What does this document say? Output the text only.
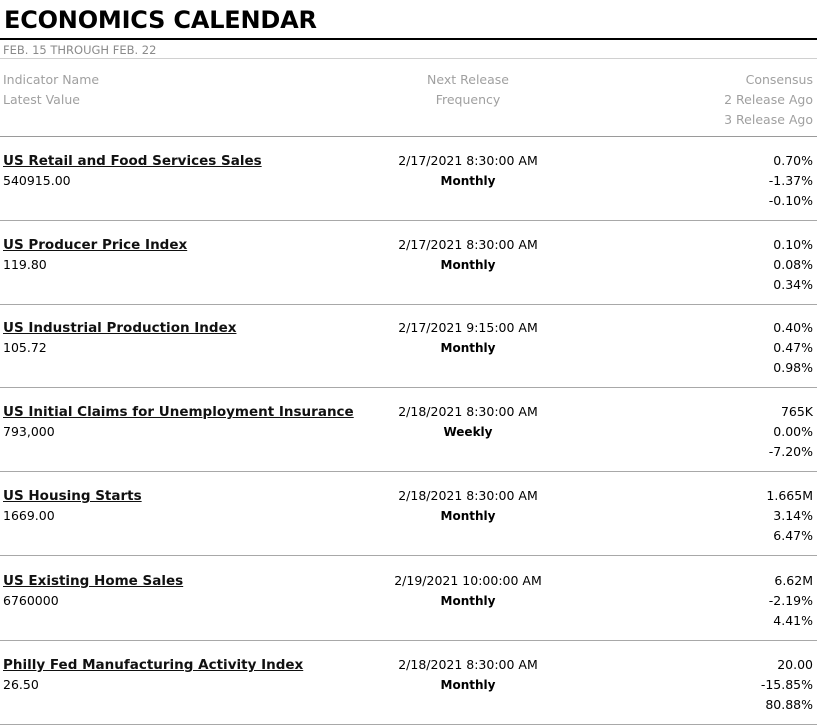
ECONOMICS CALENDAR
FEB. 15 THROUGH FEB. 22
Indicator Name
Latest Value
Next Release
Frequency
Consensus
2 Release Ago
3 Release Ago
US Retail and Food Services Sales
540915.00
2/17/2021 8:30:00 AM
Monthly
0.70%
-1.37%
-0.10%
US Producer Price Index
119.80
2/17/2021 8:30:00 AM
Monthly
0.10%
0.08%
0.34%
US Industrial Production Index
105.72
2/17/2021 9:15:00 AM
Monthly
0.40%
0.47%
0.98%
US Initial Claims for Unemployment Insurance
793,000
2/18/2021 8:30:00 AM
Weekly
765K
0.00%
-7.20%
US Housing Starts
1669.00
2/18/2021 8:30:00 AM
Monthly
1.665M
3.14%
6.47%
US Existing Home Sales
6760000
2/19/2021 10:00:00 AM
Monthly
6.62M
-2.19%
4.41%
Philly Fed Manufacturing Activity Index
26.50
2/18/2021 8:30:00 AM
Monthly
20.00
-15.85%
80.88%
